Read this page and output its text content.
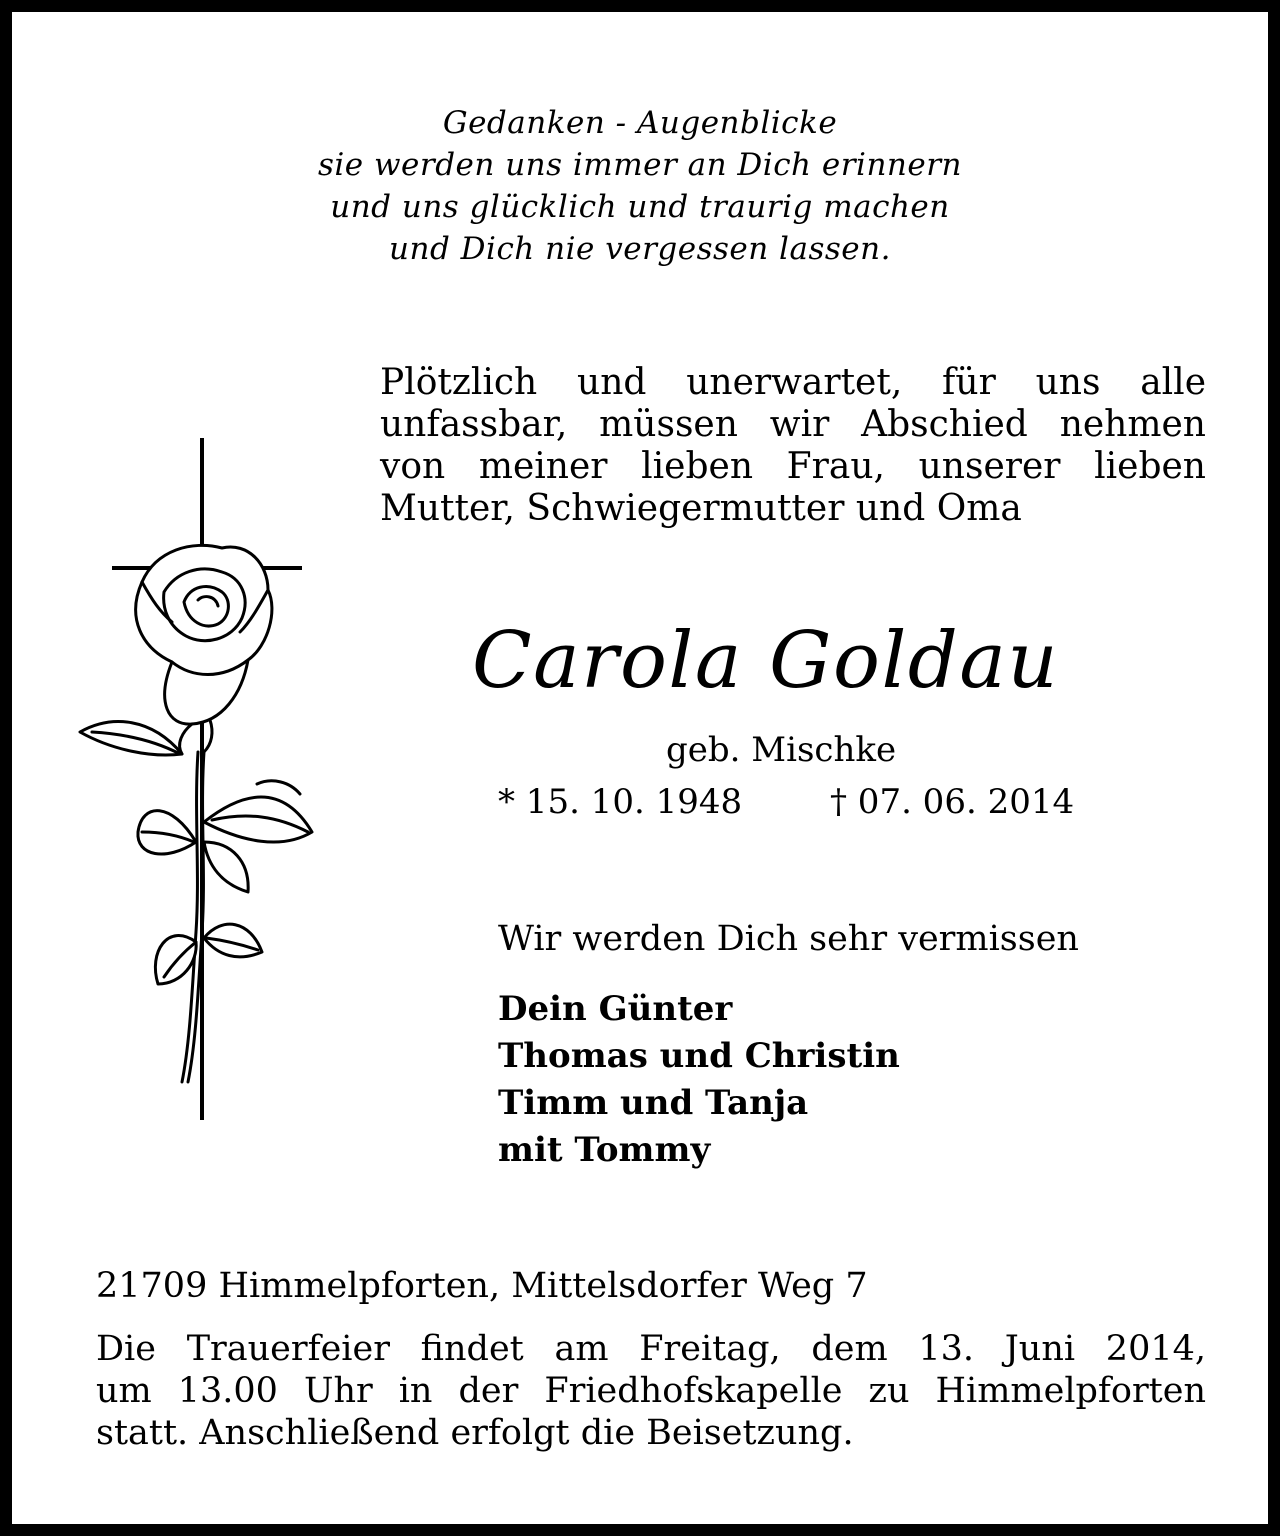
Gedanken - Augenblicke
sie werden uns immer an Dich erinnern
und uns glücklich und traurig machen
und Dich nie vergessen lassen.
Plötzlich und unerwartet, für uns alle
unfassbar, müssen wir Abschied nehmen
von meiner lieben Frau, unserer lieben
Mutter, Schwiegermutter und Oma
Carola Goldau
geb. Mischke
* 15. 10. 1948	† 07. 06. 2014
Wir werden Dich sehr vermissen
Dein Günter
Thomas und Christin
Timm und Tanja
mit Tommy
21709 Himmelpforten, Mittelsdorfer Weg 7
Die Trauerfeier findet am Freitag, dem 13. Juni 2014,
um 13.00 Uhr in der Friedhofskapelle zu Himmelpforten
statt. Anschließend erfolgt die Beisetzung.
